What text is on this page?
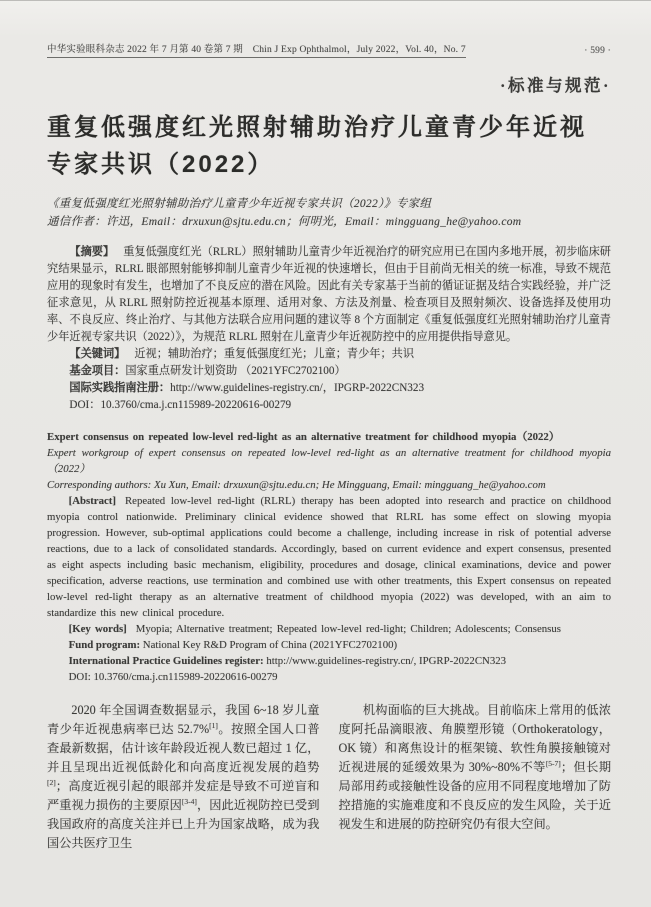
中华实验眼科杂志 2022 年 7 月第 40 卷第 7 期　Chin J Exp Ophthalmol，July 2022，Vol. 40，No. 7	· 599 ·
·标准与规范·
重复低强度红光照射辅助治疗儿童青少年近视
专家共识（2022）

《重复低强度红光照射辅助治疗儿童青少年近视专家共识（2022）》专家组

通信作者：许迅，Email：drxuxun@sjtu.edu.cn；何明光，Email：mingguang_he@yahoo.com

【摘要】 重复低强度红光（RLRL）照射辅助儿童青少年近视治疗的研究应用已在国内多地开展，初步临床研究结果显示，RLRL 眼部照射能够抑制儿童青少年近视的快速增长，但由于目前尚无相关的统一标准，导致不规范应用的现象时有发生，也增加了不良反应的潜在风险。因此有关专家基于当前的循证证据及结合实践经验，并广泛征求意见，从 RLRL 照射防控近视基本原理、适用对象、方法及剂量、检查项目及照射频次、设备选择及使用功率、不良反应、终止治疗、与其他方法联合应用问题的建议等 8 个方面制定《重复低强度红光照射辅助治疗儿童青少年近视专家共识（2022）》，为规范 RLRL 照射在儿童青少年近视防控中的应用提供指导意见。

【关键词】 近视；辅助治疗；重复低强度红光；儿童；青少年；共识

基金项目：国家重点研发计划资助 （2021YFC2702100）

国际实践指南注册：http://www.guidelines-registry.cn/，IPGRP-2022CN323

DOI：10.3760/cma.j.cn115989-20220616-00279

Expert consensus on repeated low-level red-light as an alternative treatment for childhood myopia（2022）

Expert workgroup of expert consensus on repeated low-level red-light as an alternative treatment for childhood myopia（2022）

Corresponding authors: Xu Xun, Email: drxuxun@sjtu.edu.cn; He Mingguang, Email: mingguang_he@yahoo.com

[Abstract] Repeated low-level red-light (RLRL) therapy has been adopted into research and practice on childhood myopia control nationwide. Preliminary clinical evidence showed that RLRL has some effect on slowing myopia progression. However, sub-optimal applications could become a challenge, including increase in risk of potential adverse reactions, due to a lack of consolidated standards. Accordingly, based on current evidence and expert consensus, presented as eight aspects including basic mechanism, eligibility, procedures and dosage, clinical examinations, device and power specification, adverse reactions, use termination and combined use with other treatments, this Expert consensus on repeated low-level red-light therapy as an alternative treatment of childhood myopia (2022) was developed, with an aim to standardize this new clinical procedure.

[Key words] Myopia; Alternative treatment; Repeated low-level red-light; Children; Adolescents; Consensus

Fund program: National Key R&D Program of China (2021YFC2702100)

International Practice Guidelines register: http://www.guidelines-registry.cn/, IPGRP-2022CN323

DOI: 10.3760/cma.j.cn115989-20220616-00279

2020 年全国调查数据显示，我国 6~18 岁儿童青少年近视患病率已达 52.7%[1]。按照全国人口普查最新数据，估计该年龄段近视人数已超过 1 亿，并且呈现出近视低龄化和向高度近视发展的趋势[2]；高度近视引起的眼部并发症是导致不可逆盲和严重视力损伤的主要原因[3-4]，因此近视防控已受到我国政府的高度关注并已上升为国家战略，成为我国公共医疗卫生

机构面临的巨大挑战。目前临床上常用的低浓度阿托品滴眼液、角膜塑形镜（Orthokeratology，OK 镜）和离焦设计的框架镜、软性角膜接触镜对近视进展的延缓效果为 30%~80%不等[5-7]；但长期局部用药或接触性设备的应用不同程度地增加了防控措施的实施难度和不良反应的发生风险，关于近视发生和进展的防控研究仍有很大空间。
